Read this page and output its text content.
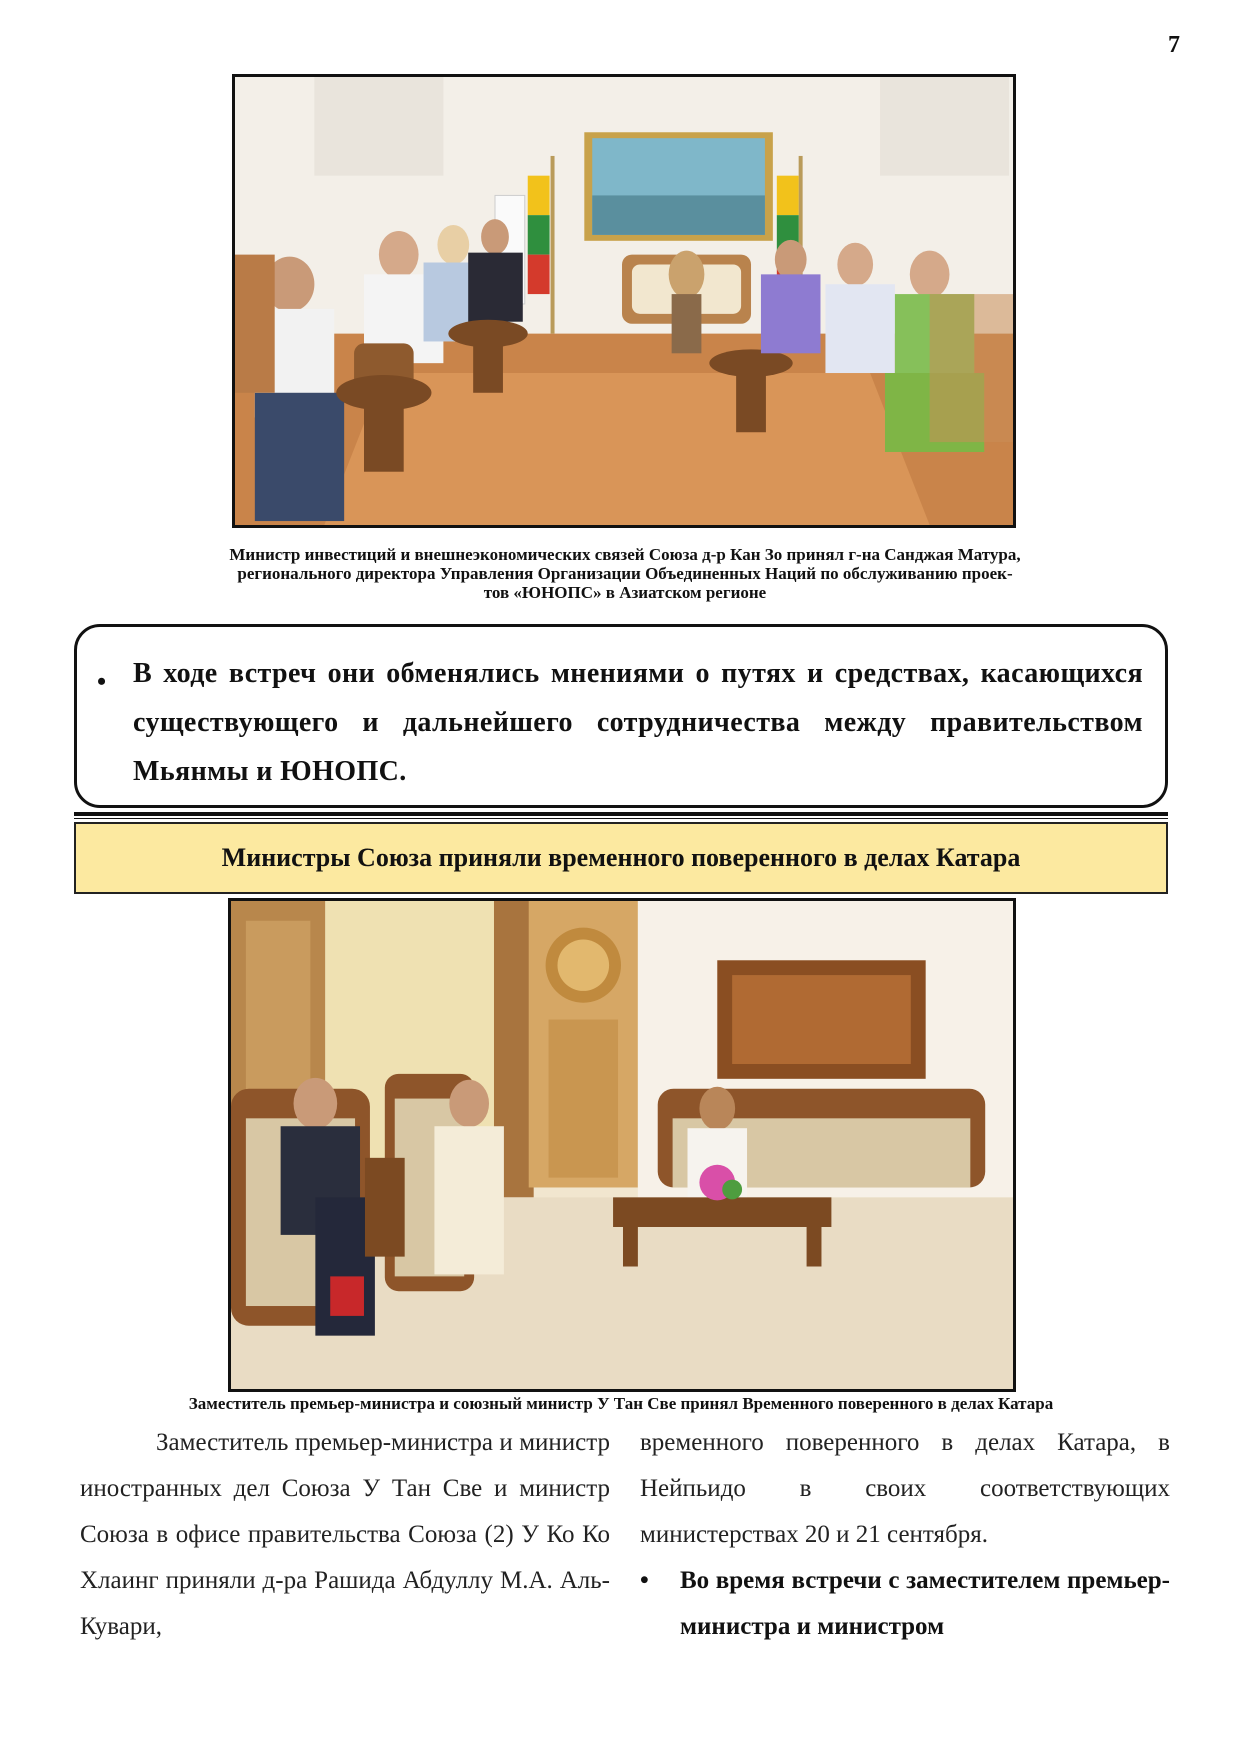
7
Министр инвестиций и внешнеэкономических связей Союза д-р Кан Зо принял г-на Санджая Матура,
регионального директора Управления Организации Объединенных Наций по обслуживанию проек-
тов «ЮНОПС» в Азиатском регионе
• В ходе встреч они обменялись мнениями о путях и средствах, касающихся существующего и дальнейшего сотрудничества между правительством Мьянмы и ЮНОПС.
Министры Союза приняли временного поверенного в делах Катара
Заместитель премьер-министра и союзный министр У Тан Све принял Временного поверенного в делах Катара

Заместитель премьер-министра и министр иностранных дел Союза У Тан Све и министр Союза в офисе правительства Союза (2) У Ко Ко Хлаинг приняли д-ра Рашида Абдуллу М.А. Аль-Кувари,

временного поверенного в делах Катара, в Нейпьидо в своих соответствующих министерствах 20 и 21 сентября.

• Во время встречи с заместителем премьер-министра и министром
